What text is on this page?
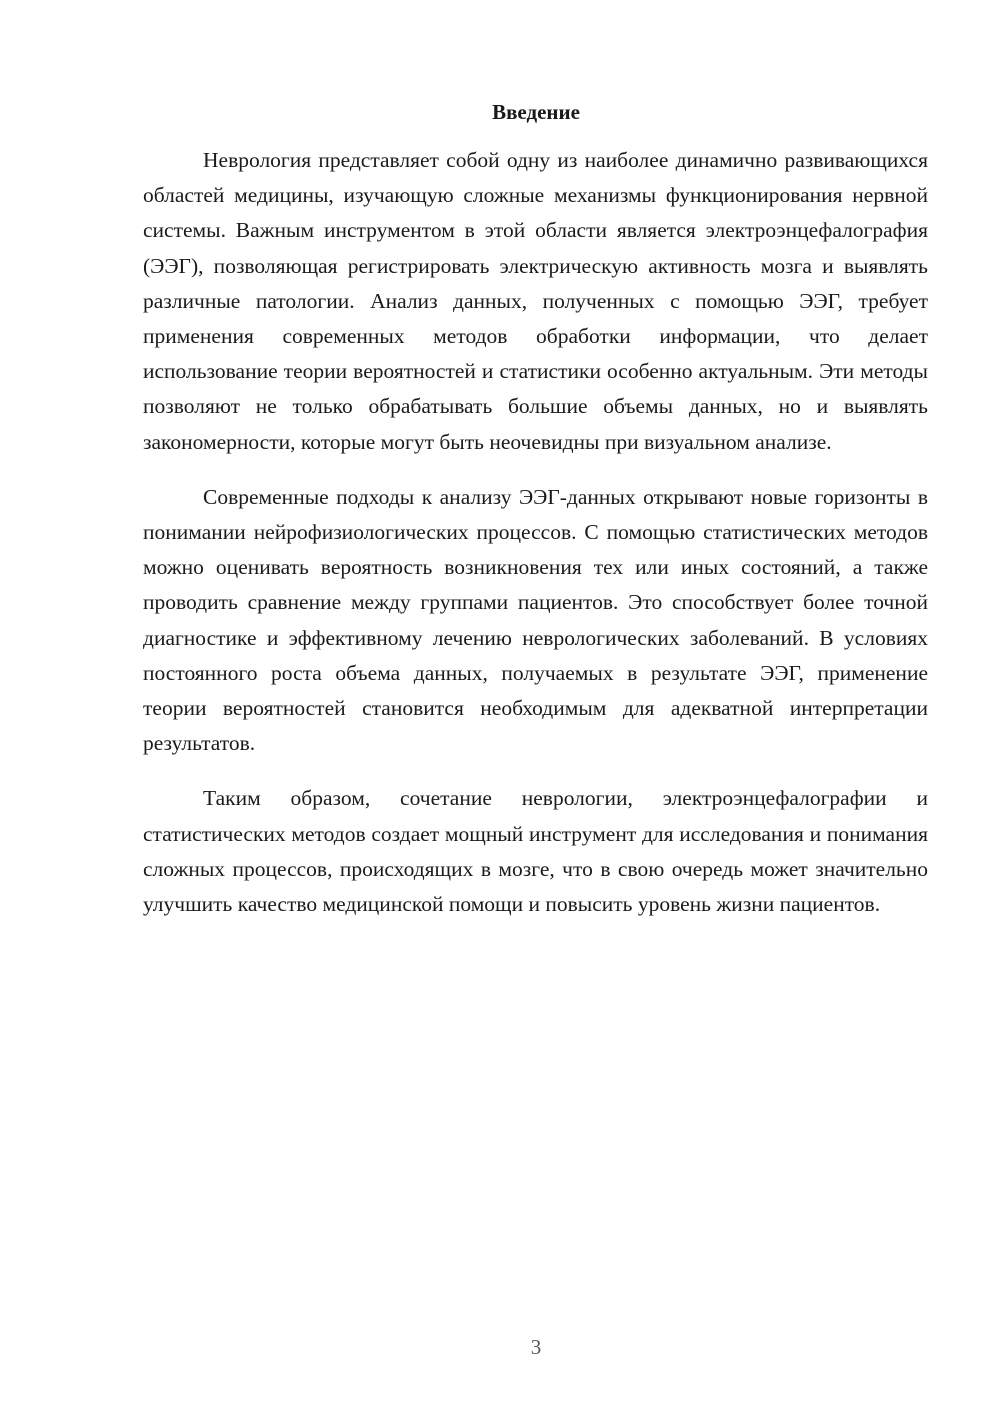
Введение

Неврология представляет собой одну из наиболее динамично развивающихся областей медицины, изучающую сложные механизмы функционирования нервной системы. Важным инструментом в этой области является электроэнцефалография (ЭЭГ), позволяющая регистрировать электрическую активность мозга и выявлять различные патологии. Анализ данных, полученных с помощью ЭЭГ, требует применения современных методов обработки информации, что делает использование теории вероятностей и статистики особенно актуальным. Эти методы позволяют не только обрабатывать большие объемы данных, но и выявлять закономерности, которые могут быть неочевидны при визуальном анализе.

Современные подходы к анализу ЭЭГ-данных открывают новые горизонты в понимании нейрофизиологических процессов. С помощью статистических методов можно оценивать вероятность возникновения тех или иных состояний, а также проводить сравнение между группами пациентов. Это способствует более точной диагностике и эффективному лечению неврологических заболеваний. В условиях постоянного роста объема данных, получаемых в результате ЭЭГ, применение теории вероятностей становится необходимым для адекватной интерпретации результатов.

Таким образом, сочетание неврологии, электроэнцефалографии и статистических методов создает мощный инструмент для исследования и понимания сложных процессов, происходящих в мозге, что в свою очередь может значительно улучшить качество медицинской помощи и повысить уровень жизни пациентов.

3
